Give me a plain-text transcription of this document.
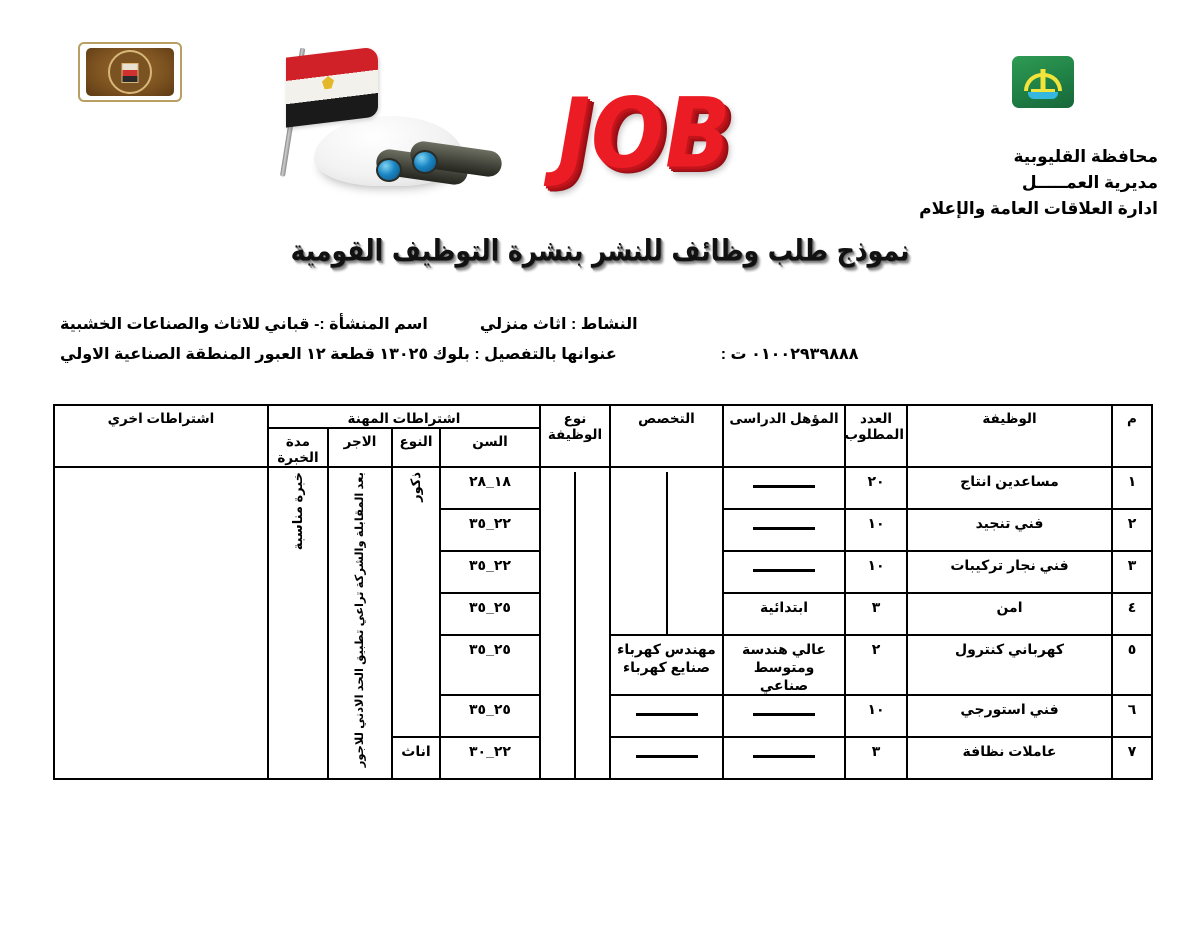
JOB	محافظة القليوبية
مديرية العمـــــل
ادارة العلاقات العامة والإعلام
نموذج طلب وظائف للنشر بنشرة التوظيف القومية
النشاط : اثاث منزلي
اسم المنشأة :- قباني للاثاث والصناعات الخشبية
٠١٠٠٢٩٣٩٨٨٨ ت :
عنوانها بالتفصيل : بلوك ١٣٠٢٥ قطعة ١٢ العبور المنطقة الصناعية الاولي
م	الوظيفة	العدد المطلوب	المؤهل الدراسى	التخصص	نوع الوظيفة	اشتراطات المهنة				اشتراطات اخري
						السن	النوع	الاجر	مدة الخبرة	
١	مساعدين انتاج	٢٠				١٨_٢٨	ذكور	بعد المقابلة والشركة تراعي تطبيق الحد الادني للاجور	خبرة مناسبة	
٢	فني تنجيد	١٠				٢٢_٣٥				
٣	فني نجار تركيبات	١٠				٢٢_٣٥				
٤	امن	٣	ابتدائية			٢٥_٣٥				
٥	كهرباني كنترول	٢	عالي هندسة ومتوسط صناعي	مهندس كهرباء صنايع كهرباء		٢٥_٣٥				
٦	فني استورجي	١٠				٢٥_٣٥				
٧	عاملات نظافة	٣				٢٢_٣٠	اناث			
